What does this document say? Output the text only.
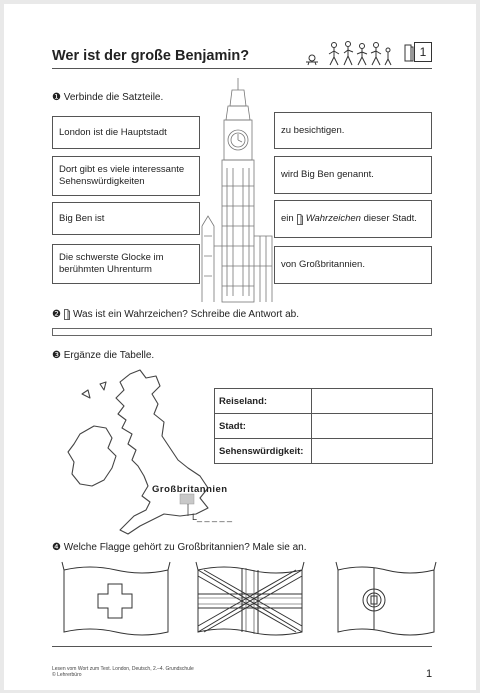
Wer ist der große Benjamin?	1
❶ Verbinde die Satzteile.
London ist die Hauptstadt
Dort gibt es viele interessante Sehenswürdigkeiten
Big Ben ist
Die schwerste Glocke im berühmten Uhrenturm
zu besichtigen.
wird Big Ben genannt.
ein Wahrzeichen
dieser Stadt.
von Großbritannien.
❷ Was ist ein Wahrzeichen? Schreibe die Antwort ab.
❸ Ergänze die Tabelle.
Großbritannien
L_ _ _ _ _
Reiseland:	
Stadt:	
Sehenswürdigkeit:	
❹ Welche Flagge gehört zu Großbritannien? Male sie an.
Lesen vom Wort zum Text. London, Deutsch, 2.–4. Grundschule
© Lehrerbüro	1
